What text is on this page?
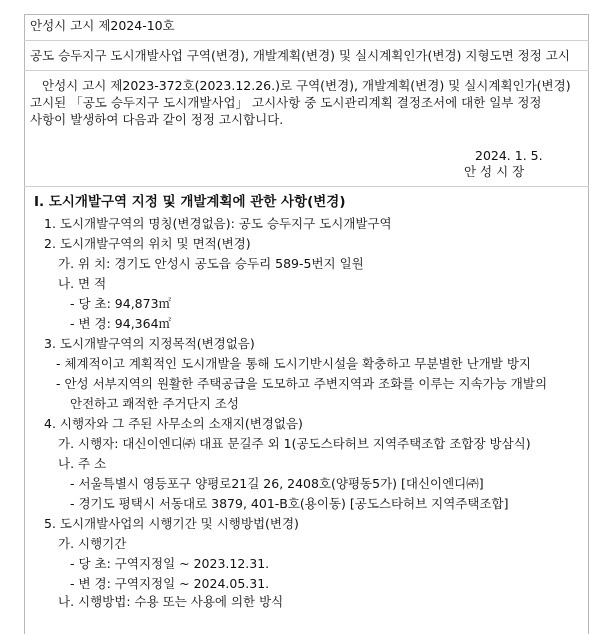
안성시 고시 제2024-10호
공도 승두지구 도시개발사업 구역(변경), 개발계획(변경) 및 실시계획인가(변경) 지형도면 정정 고시
안성시 고시 제2023-372호(2023.12.26.)로 구역(변경), 개발계획(변경) 및 실시계획인가(변경)
고시된 「공도 승두지구 도시개발사업」 고시사항 중 도시관리계획 결정조서에 대한 일부 정정
사항이 발생하여 다음과 같이 정정 고시합니다.
2024. 1. 5.
안 성 시 장
Ⅰ. 도시개발구역 지정 및 개발계획에 관한 사항(변경)
1. 도시개발구역의 명칭(변경없음): 공도 승두지구 도시개발구역
2. 도시개발구역의 위치 및 면적(변경)
가. 위 치: 경기도 안성시 공도읍 승두리 589-5번지 일원
나. 면 적
- 당 초: 94,873㎡
- 변 경: 94,364㎡
3. 도시개발구역의 지정목적(변경없음)
- 체계적이고 계획적인 도시개발을 통해 도시기반시설을 확충하고 무분별한 난개발 방지
- 안성 서부지역의 원활한 주택공급을 도모하고 주변지역과 조화를 이루는 지속가능 개발의
안전하고 쾌적한 주거단지 조성
4. 시행자와 그 주된 사무소의 소재지(변경없음)
가. 시행자: 대신이엔디㈜ 대표 문길주 외 1(공도스타허브 지역주택조합 조합장 방삼식)
나. 주 소
- 서울특별시 영등포구 양평로21길 26, 2408호(양평동5가) [대신이엔디㈜]
- 경기도 평택시 서동대로 3879, 401-B호(용이동) [공도스타허브 지역주택조합]
5. 도시개발사업의 시행기간 및 시행방법(변경)
가. 시행기간
- 당 초: 구역지정일 ~ 2023.12.31.
- 변 경: 구역지정일 ~ 2024.05.31.
나. 시행방법: 수용 또는 사용에 의한 방식
